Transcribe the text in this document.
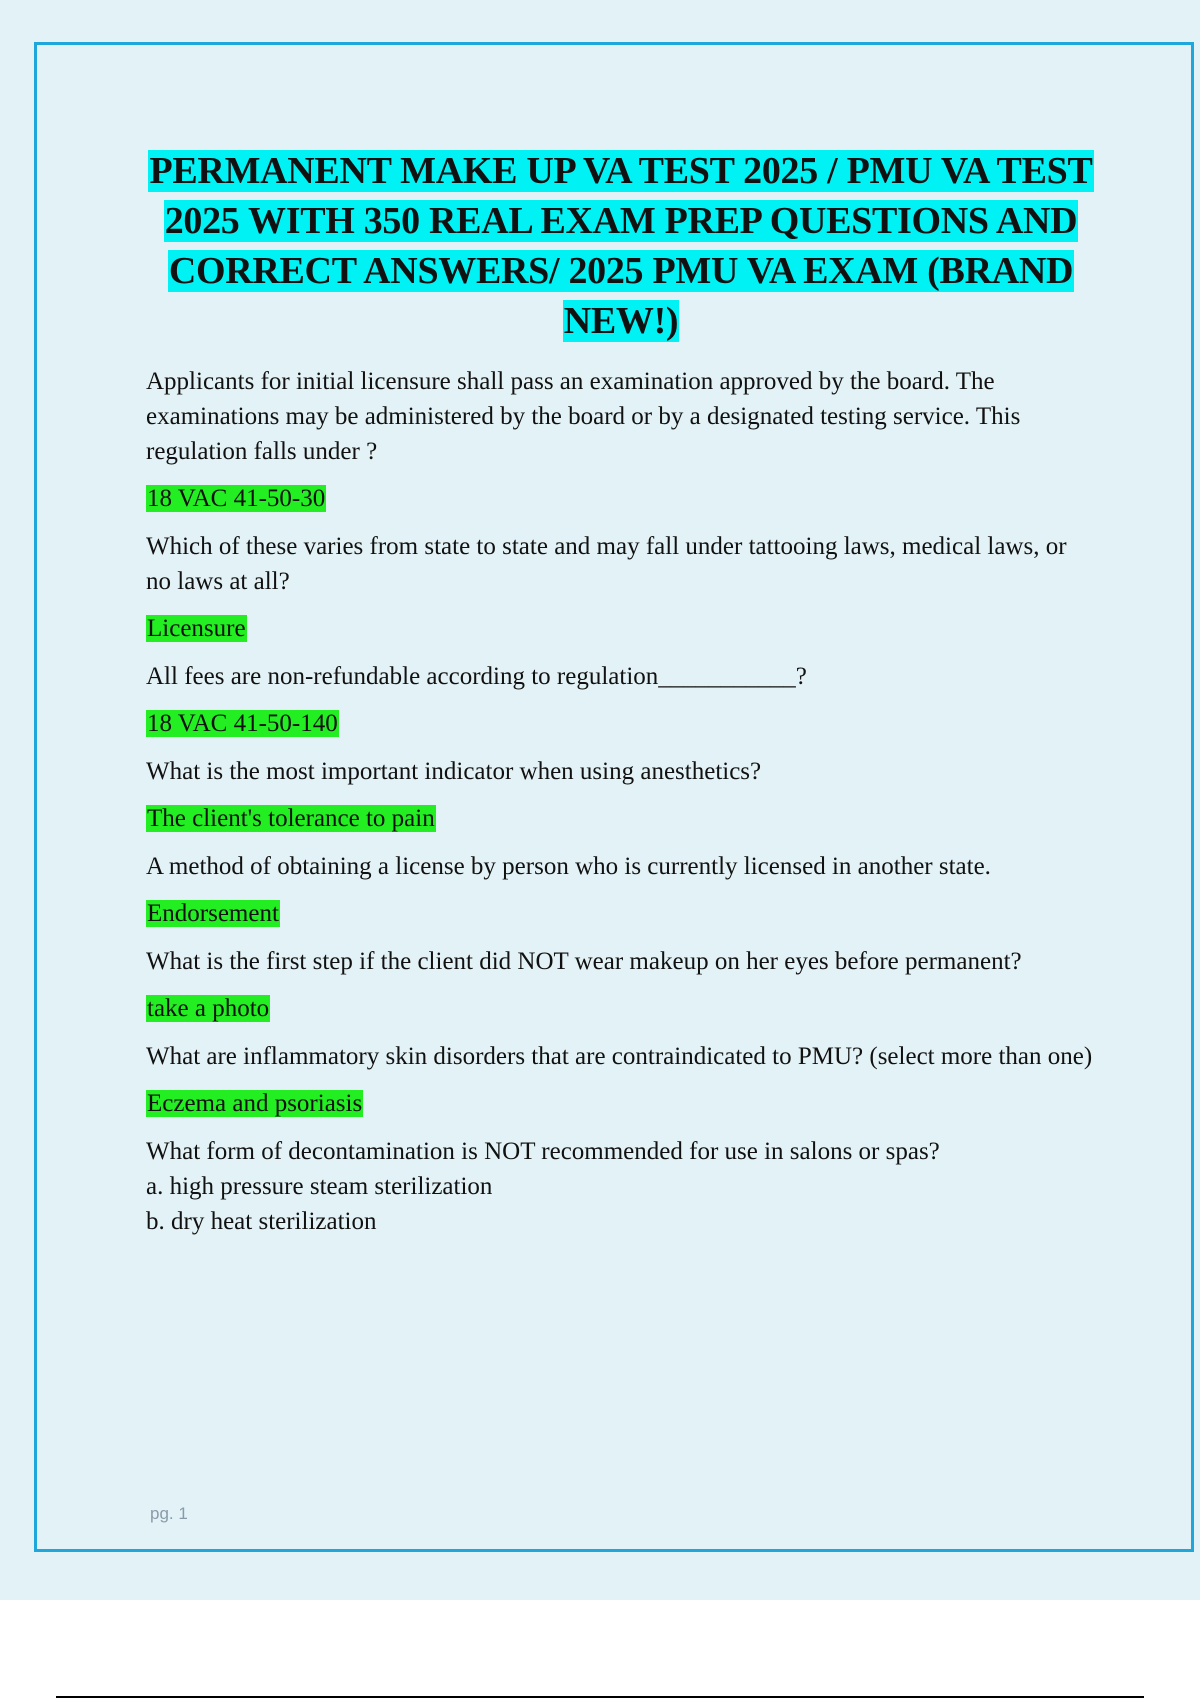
PERMANENT MAKE UP VA TEST 2025 / PMU VA TEST 2025 WITH 350 REAL EXAM PREP QUESTIONS AND CORRECT ANSWERS/ 2025 PMU VA EXAM (BRAND NEW!)

Applicants for initial licensure shall pass an examination approved by the board. The examinations may be administered by the board or by a designated testing service. This regulation falls under ?

18 VAC 41-50-30

Which of these varies from state to state and may fall under tattooing laws, medical laws, or no laws at all?

Licensure

All fees are non-refundable according to regulation___________?

18 VAC 41-50-140

What is the most important indicator when using anesthetics?

The client's tolerance to pain

A method of obtaining a license by person who is currently licensed in another state.

Endorsement

What is the first step if the client did NOT wear makeup on her eyes before permanent?

take a photo

What are inflammatory skin disorders that are contraindicated to PMU? (select more than one)

Eczema and psoriasis

What form of decontamination is NOT recommended for use in salons or spas?

a. high pressure steam sterilization

b. dry heat sterilization

pg. 1
